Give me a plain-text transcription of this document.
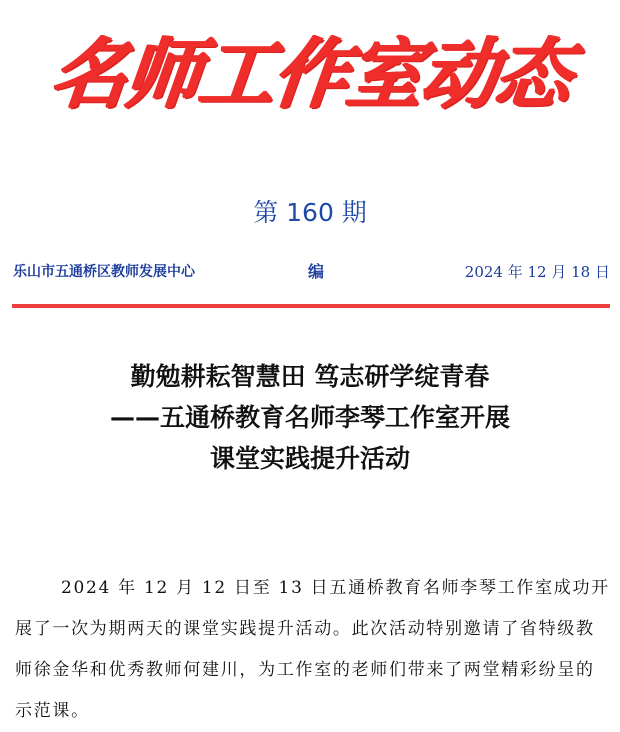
名师工作室动态
第 160 期
乐山市五通桥区教师发展中心	编	2024 年 12 月 18 日
勤勉耕耘智慧田 笃志研学绽青春
——五通桥教育名师李琴工作室开展
课堂实践提升活动

2024 年 12 月 12 日至 13 日五通桥教育名师李琴工作室成功开展了一次为期两天的课堂实践提升活动。此次活动特别邀请了省特级教师徐金华和优秀教师何建川，为工作室的老师们带来了两堂精彩纷呈的示范课。
